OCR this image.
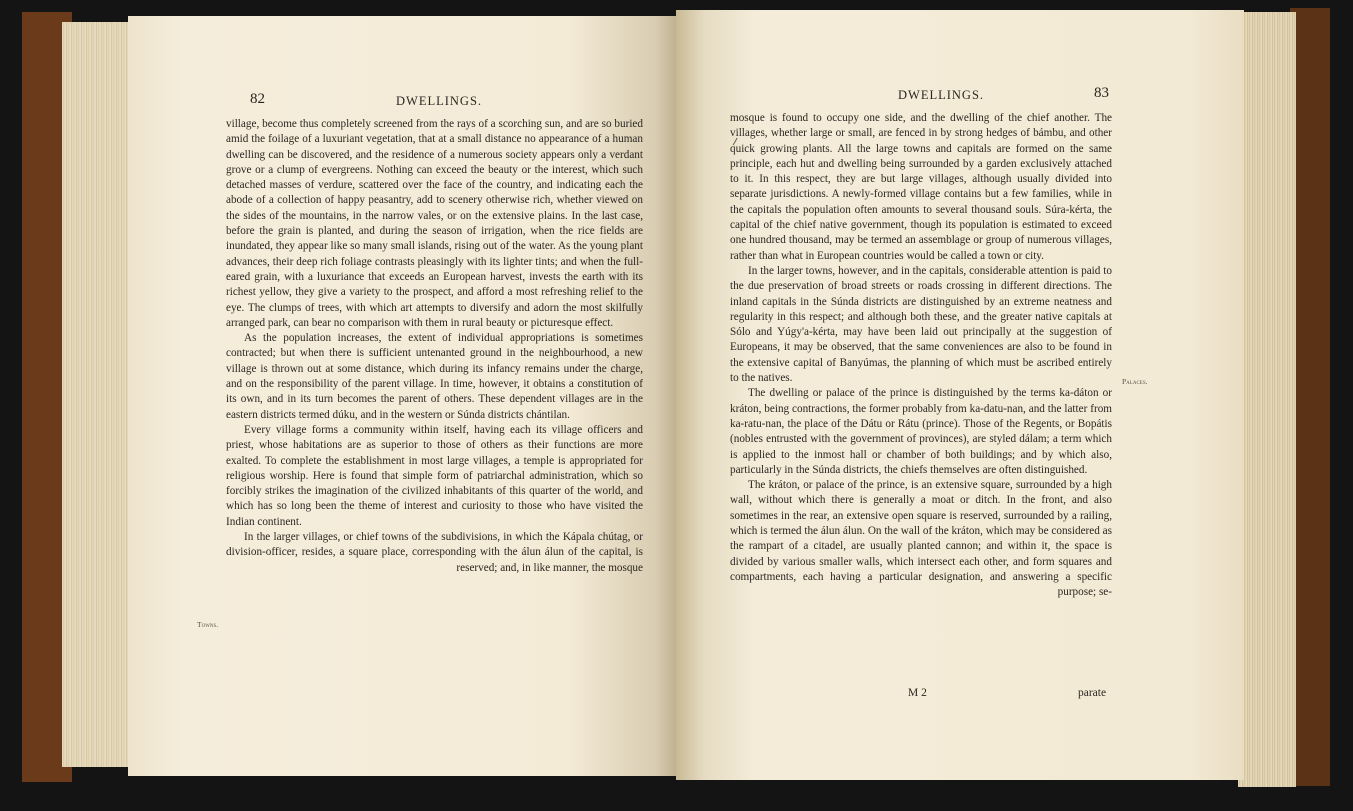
82	DWELLINGS.

village, become thus completely screened from the rays of a scorching sun, and are so buried amid the foilage of a luxuriant vegetation, that at a small distance no appearance of a human dwelling can be discovered, and the residence of a numerous society appears only a verdant grove or a clump of evergreens. Nothing can exceed the beauty or the interest, which such detached masses of verdure, scattered over the face of the country, and indicating each the abode of a collection of happy peasantry, add to scenery otherwise rich, whether viewed on the sides of the mountains, in the narrow vales, or on the extensive plains. In the last case, before the grain is planted, and during the season of irrigation, when the rice fields are inundated, they appear like so many small islands, rising out of the water. As the young plant advances, their deep rich foliage contrasts pleasingly with its lighter tints; and when the full-eared grain, with a luxuriance that exceeds an European harvest, invests the earth with its richest yellow, they give a variety to the prospect, and afford a most refreshing relief to the eye. The clumps of trees, with which art attempts to diversify and adorn the most skilfully arranged park, can bear no comparison with them in rural beauty or picturesque effect.

As the population increases, the extent of individual appropriations is sometimes contracted; but when there is sufficient untenanted ground in the neighbourhood, a new village is thrown out at some distance, which during its infancy remains under the charge, and on the responsibility of the parent village. In time, however, it obtains a constitution of its own, and in its turn becomes the parent of others. These dependent villages are in the eastern districts termed dúku, and in the western or Súnda districts chántilan.

Every village forms a community within itself, having each its village officers and priest, whose habitations are as superior to those of others as their functions are more exalted. To complete the establishment in most large villages, a temple is appropriated for religious worship. Here is found that simple form of patriarchal administration, which so forcibly strikes the imagination of the civilized inhabitants of this quarter of the world, and which has so long been the theme of interest and curiosity to those who have visited the Indian continent.

In the larger villages, or chief towns of the subdivisions, in which the Kápala chútag, or division-officer, resides, a square place, corresponding with the álun álun of the capital, is reserved; and, in like manner, the mosque

Towns.
DWELLINGS.	83

mosque is found to occupy one side, and the dwelling of the chief another. The villages, whether large or small, are fenced in by strong hedges of bámbu, and other quick growing plants. All the large towns and capitals are formed on the same principle, each hut and dwelling being surrounded by a garden exclusively attached to it. In this respect, they are but large villages, although usually divided into separate jurisdictions. A newly-formed village contains but a few families, while in the capitals the population often amounts to several thousand souls. Súra-kérta, the capital of the chief native government, though its population is estimated to exceed one hundred thousand, may be termed an assemblage or group of numerous villages, rather than what in European countries would be called a town or city.

In the larger towns, however, and in the capitals, considerable attention is paid to the due preservation of broad streets or roads crossing in different directions. The inland capitals in the Súnda districts are distinguished by an extreme neatness and regularity in this respect; and although both these, and the greater native capitals at Sólo and Yúgy'a-kérta, may have been laid out principally at the suggestion of Europeans, it may be observed, that the same conveniences are also to be found in the extensive capital of Banyúmas, the planning of which must be ascribed entirely to the natives.

The dwelling or palace of the prince is distinguished by the terms ka-dáton or kráton, being contractions, the former probably from ka-datu-nan, and the latter from ka-ratu-nan, the place of the Dátu or Rátu (prince). Those of the Regents, or Bopátis (nobles entrusted with the government of provinces), are styled dálam; a term which is applied to the inmost hall or chamber of both buildings; and by which also, particularly in the Súnda districts, the chiefs themselves are often distinguished.

The kráton, or palace of the prince, is an extensive square, surrounded by a high wall, without which there is generally a moat or ditch. In the front, and also sometimes in the rear, an extensive open square is reserved, surrounded by a railing, which is termed the álun álun. On the wall of the kráton, which may be considered as the rampart of a citadel, are usually planted cannon; and within it, the space is divided by various smaller walls, which intersect each other, and form squares and compartments, each having a particular designation, and answering a specific purpose; se-

M 2	parate
Palaces.
